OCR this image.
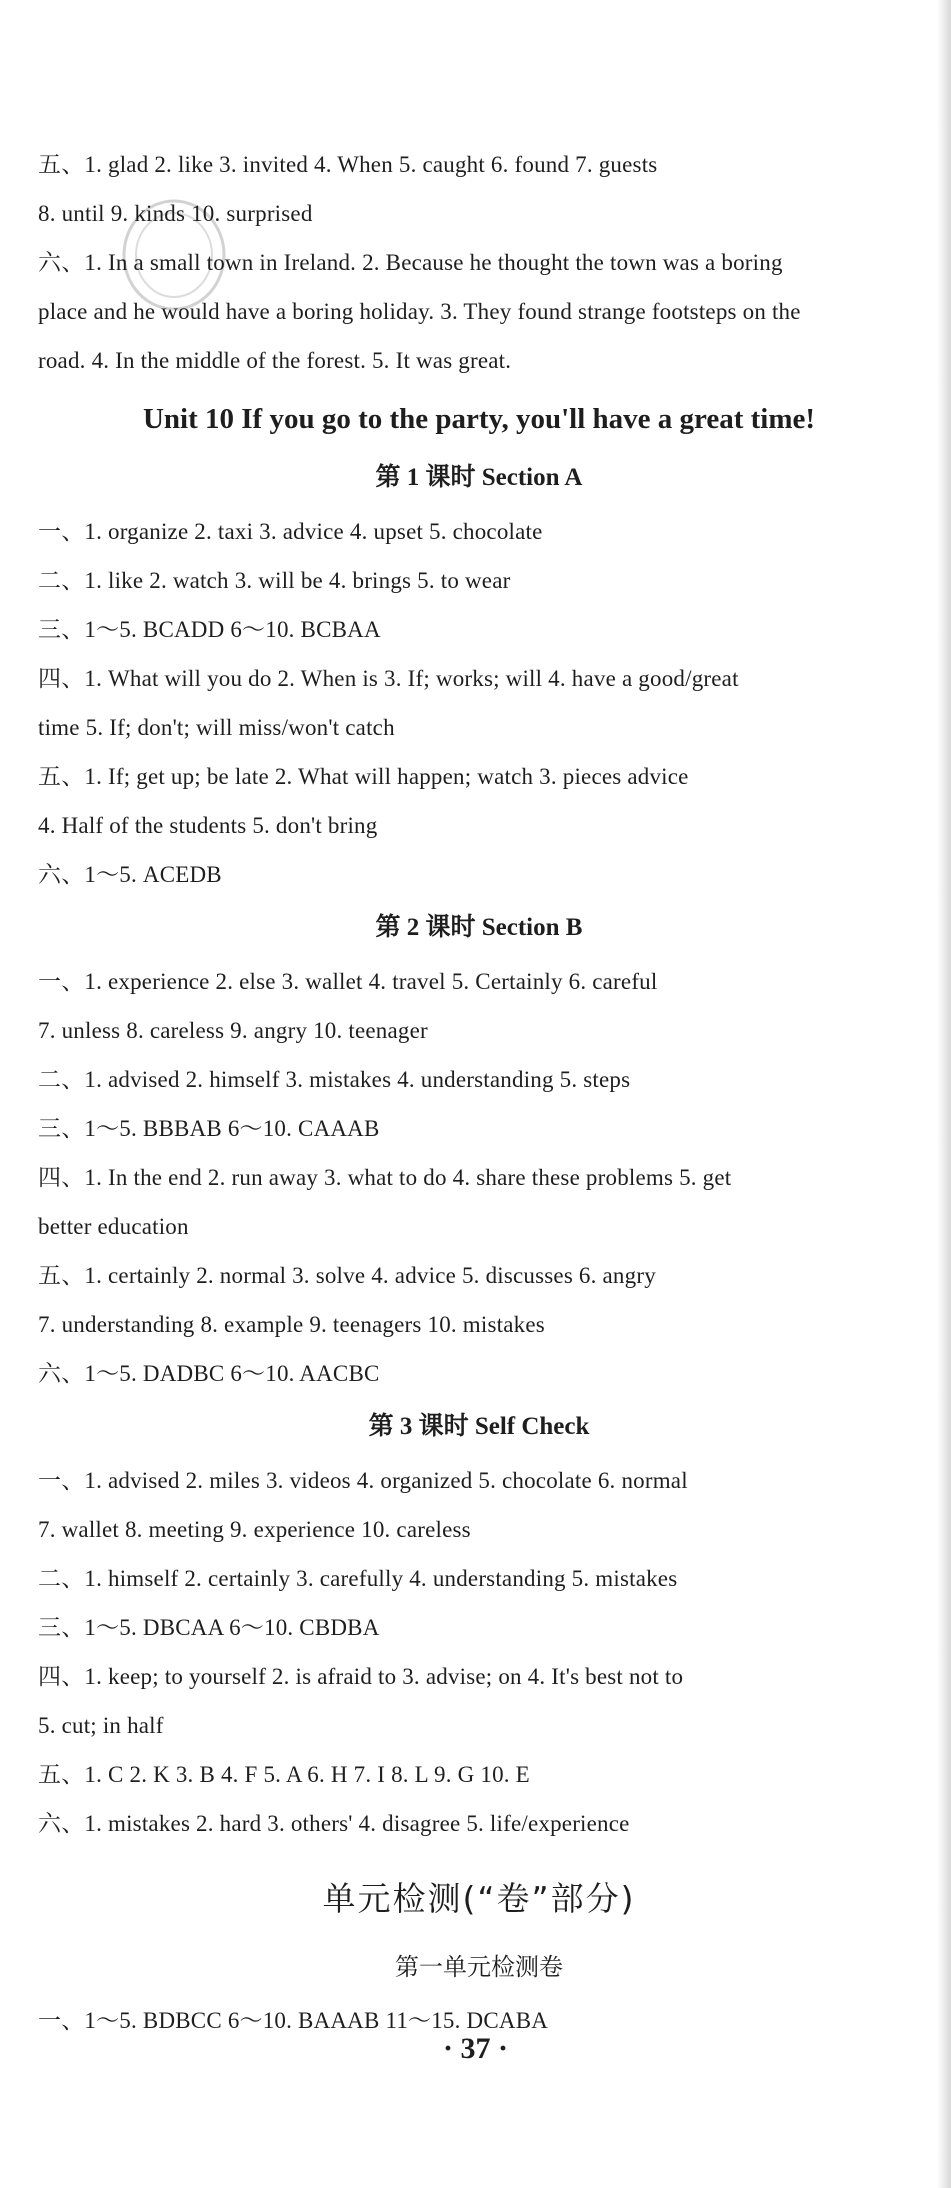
五、1. glad 2. like 3. invited 4. When 5. caught 6. found 7. guests
8. until 9. kinds 10. surprised
六、1. In a small town in Ireland. 2. Because he thought the town was a boring
place and he would have a boring holiday. 3. They found strange footsteps on the
road. 4. In the middle of the forest. 5. It was great.
Unit 10 If you go to the party, you'll have a great time!
第 1 课时 Section A
一、1. organize 2. taxi 3. advice 4. upset 5. chocolate
二、1. like 2. watch 3. will be 4. brings 5. to wear
三、1～5. BCADD 6～10. BCBAA
四、1. What will you do 2. When is 3. If; works; will 4. have a good/great
time 5. If; don't; will miss/won't catch
五、1. If; get up; be late 2. What will happen; watch 3. pieces advice
4. Half of the students 5. don't bring
六、1～5. ACEDB
第 2 课时 Section B
一、1. experience 2. else 3. wallet 4. travel 5. Certainly 6. careful
7. unless 8. careless 9. angry 10. teenager
二、1. advised 2. himself 3. mistakes 4. understanding 5. steps
三、1～5. BBBAB 6～10. CAAAB
四、1. In the end 2. run away 3. what to do 4. share these problems 5. get
better education
五、1. certainly 2. normal 3. solve 4. advice 5. discusses 6. angry
7. understanding 8. example 9. teenagers 10. mistakes
六、1～5. DADBC 6～10. AACBC
第 3 课时 Self Check
一、1. advised 2. miles 3. videos 4. organized 5. chocolate 6. normal
7. wallet 8. meeting 9. experience 10. careless
二、1. himself 2. certainly 3. carefully 4. understanding 5. mistakes
三、1～5. DBCAA 6～10. CBDBA
四、1. keep; to yourself 2. is afraid to 3. advise; on 4. It's best not to
5. cut; in half
五、1. C 2. K 3. B 4. F 5. A 6. H 7. I 8. L 9. G 10. E
六、1. mistakes 2. hard 3. others' 4. disagree 5. life/experience
单元检测(“卷”部分)
第一单元检测卷
一、1～5. BDBCC 6～10. BAAAB 11～15. DCABA
· 37 ·
